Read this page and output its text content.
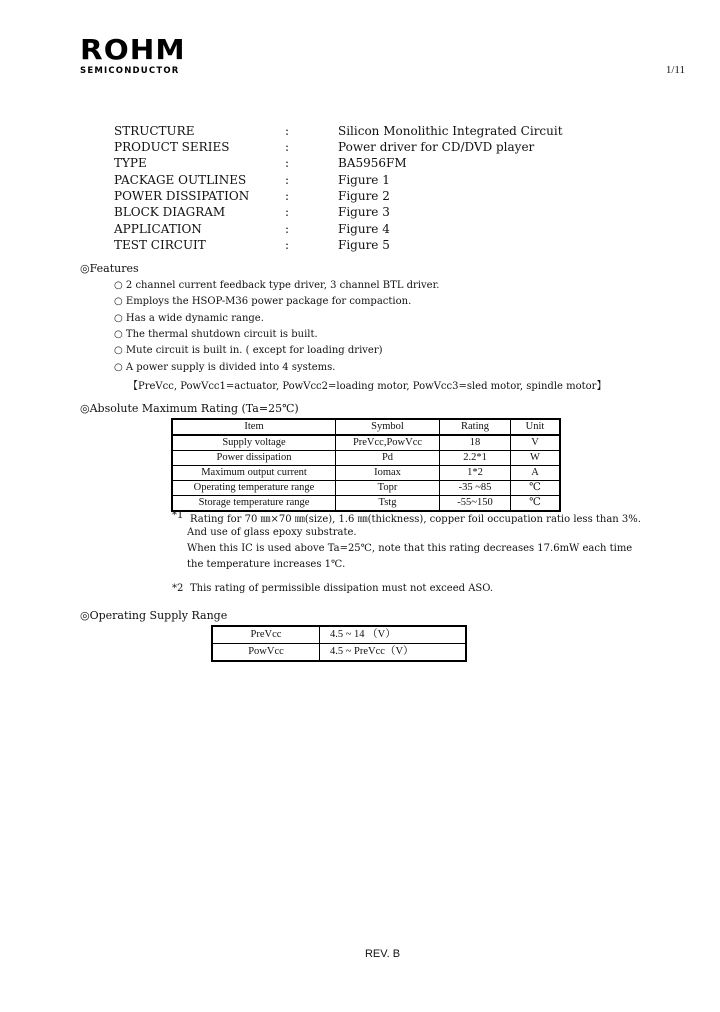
ROHM
SEMICONDUCTOR	1/11
STRUCTURE	:	Silicon Monolithic Integrated Circuit
PRODUCT SERIES	:	Power driver for CD/DVD player
TYPE	:	BA5956FM
PACKAGE OUTLINES	:	Figure 1
POWER DISSIPATION	:	Figure 2
BLOCK DIAGRAM	:	Figure 3
APPLICATION	:	Figure 4
TEST CIRCUIT	:	Figure 5
◎Features
○ 2 channel current feedback type driver, 3 channel BTL driver.
○ Employs the HSOP-M36 power package for compaction.
○ Has a wide dynamic range.
○ The thermal shutdown circuit is built.
○ Mute circuit is built in. ( except for loading driver)
○ A power supply is divided into 4 systems.
【PreVcc, PowVcc1=actuator, PowVcc2=loading motor, PowVcc3=sled motor, spindle motor】
◎Absolute Maximum Rating (Ta=25℃)
Item	Symbol	Rating	Unit
Supply voltage	PreVcc,PowVcc	18	V
Power dissipation	Pd	2.2*1	W
Maximum output current	Iomax	1*2	A
Operating temperature range	Topr	-35 ~85	℃
Storage temperature range	Tstg	-55~150	℃
*1 Rating for 70 ㎜×70 ㎜(size), 1.6 ㎜(thickness), copper foil occupation ratio less than 3%.
And use of glass epoxy substrate.
When this IC is used above Ta=25℃, note that this rating decreases 17.6mW each time
the temperature increases 1℃.
*2 This rating of permissible dissipation must not exceed ASO.
◎Operating Supply Range
PreVcc	4.5 ~ 14 （V）
PowVcc	4.5 ~ PreVcc（V）
REV. B
